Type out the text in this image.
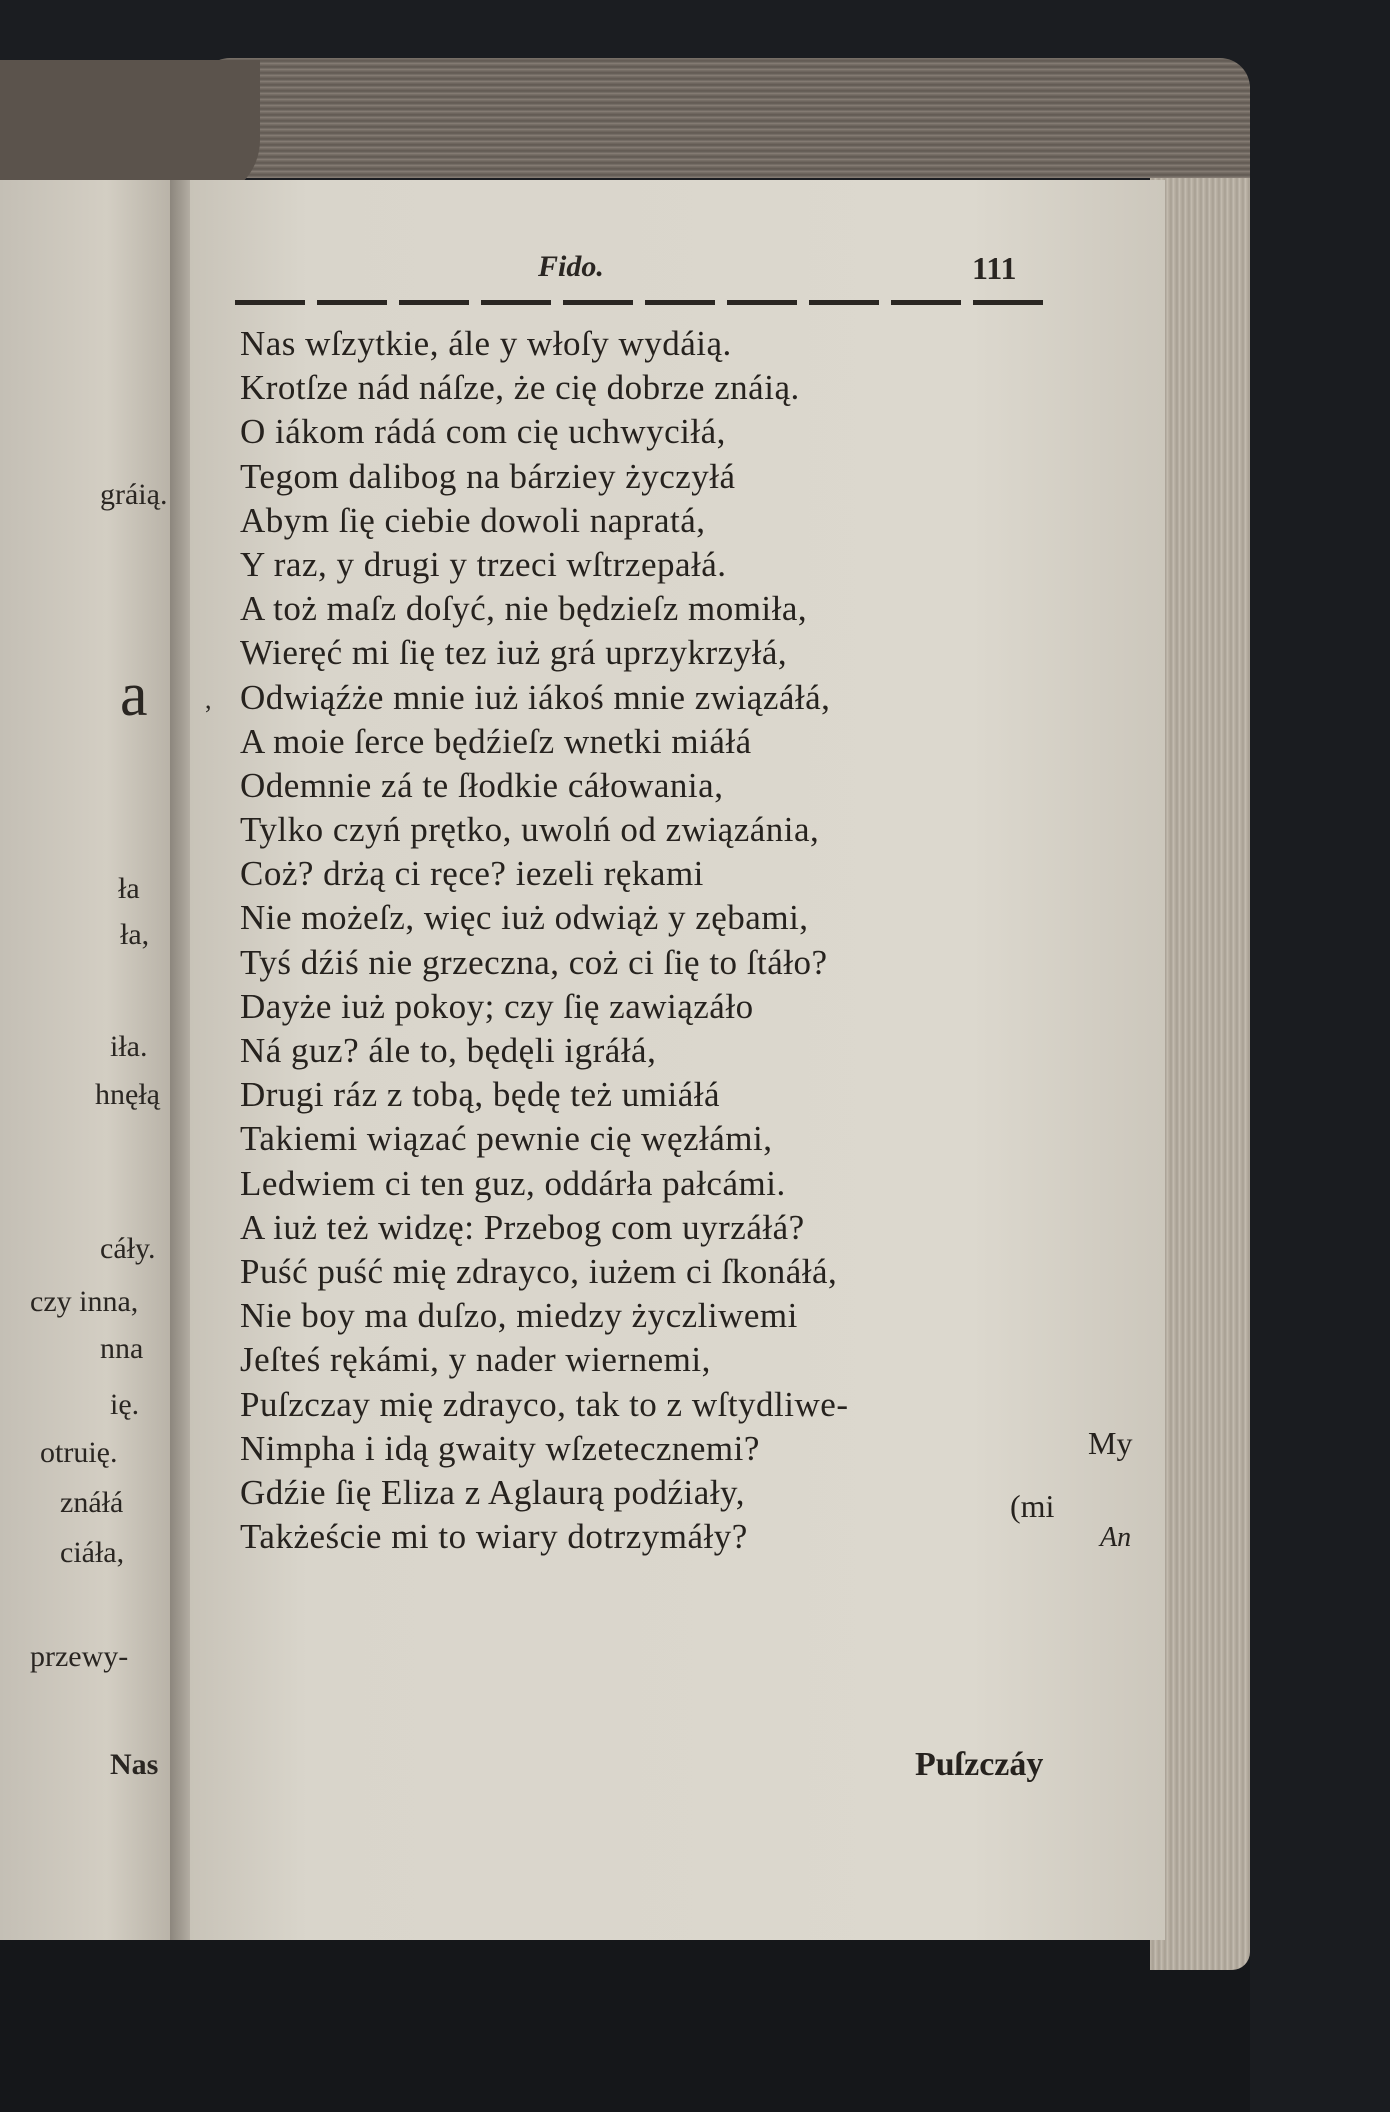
gráią.
a ,
ła
ła,
iła.
hnęłą
cáły.
czy inna,
nna
ię.
otruię.
znáłá
ciáła,
przewy-
Nas
Fido.	111
Nas wſzytkie, ále y włoſy wydáią.
Krotſze nád náſze, że cię dobrze znáią.
O iákom rádá com cię uchwyciłá,
Tegom dalibog na bárziey życzyłá
Abym ſię ciebie dowoli napratá,
Y raz, y drugi y trzeci wſtrzepałá.
A toż maſz doſyć, nie będzieſz momiła,
Wieręć mi ſię tez iuż grá uprzykrzyłá,
Odwiąźże mnie iuż iákoś mnie związáłá,
A moie ſerce będźieſz wnetki miáłá
Odemnie zá te ſłodkie cáłowania,
Tylko czyń prętko, uwolń od związánia,
Coż? drżą ci ręce? iezeli rękami
Nie możeſz, więc iuż odwiąż y zębami,
Tyś dźiś nie grzeczna, coż ci ſię to ſtáło?
Dayże iuż pokoy; czy ſię zawiązáło
Ná guz? ále to, będęli igráłá,
Drugi ráz z tobą, będę też umiáłá
Takiemi wiązać pewnie cię węzłámi,
Ledwiem ci ten guz, oddárła pałcámi.
A iuż też widzę: Przebog com uyrzáłá?
Puść puść mię zdrayco, iużem ci ſkonáłá,
Nie boy ma duſzo, miedzy życzliwemi
Jeſteś rękámi, y nader wiernemi,
Puſzczay mię zdrayco, tak to z wſtydliwe-
Nimpha i idą gwaity wſzetecznemi?
Gdźie ſię Eliza z Aglaurą podźiały,
Takżeście mi to wiary dotrzymáły?
Puſzczáy
(mi
My
An
